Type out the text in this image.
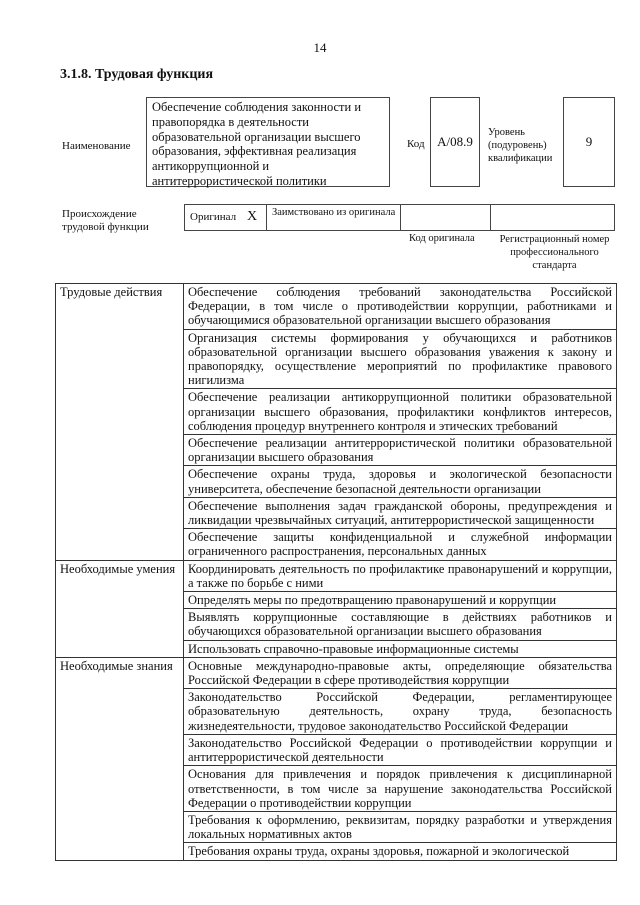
14
3.1.8. Трудовая функция
Наименование
Обеспечение соблюдения законности и правопорядка в деятельности образовательной организации высшего образования, эффективная реализация антикоррупционной и антитеррористической политики
Код A/08.9
Уровень (подуровень) квалификации
9
Происхождение трудовой функции
Оригинал X	Заимствовано из оригинала
Код оригинала	Регистрационный номер профессионального стандарта
Трудовые действия	Обеспечение соблюдения требований законодательства Российской Федерации, в том числе о противодействии коррупции, работниками и обучающимися образовательной организации высшего образования
	Организация системы формирования у обучающихся и работников образовательной организации высшего образования уважения к закону и правопорядку, осуществление мероприятий по профилактике правового нигилизма
	Обеспечение реализации антикоррупционной политики образовательной организации высшего образования, профилактики конфликтов интересов, соблюдения процедур внутреннего контроля и этических требований
	Обеспечение реализации антитеррористической политики образовательной организации высшего образования
	Обеспечение охраны труда, здоровья и экологической безопасности университета, обеспечение безопасной деятельности организации
	Обеспечение выполнения задач гражданской обороны, предупреждения и ликвидации чрезвычайных ситуаций, антитеррористической защищенности
	Обеспечение защиты конфиденциальной и служебной информации ограниченного распространения, персональных данных
Необходимые умения	Координировать деятельность по профилактике правонарушений и коррупции, а также по борьбе с ними
	Определять меры по предотвращению правонарушений и коррупции
	Выявлять коррупционные составляющие в действиях работников и обучающихся образовательной организации высшего образования
	Использовать справочно-правовые информационные системы
Необходимые знания	Основные международно-правовые акты, определяющие обязательства Российской Федерации в сфере противодействия коррупции
	Законодательство Российской Федерации, регламентирующее образовательную деятельность, охрану труда, безопасность жизнедеятельности, трудовое законодательство Российской Федерации
	Законодательство Российской Федерации о противодействии коррупции и антитеррористической деятельности
	Основания для привлечения и порядок привлечения к дисциплинарной ответственности, в том числе за нарушение законодательства Российской Федерации о противодействии коррупции
	Требования к оформлению, реквизитам, порядку разработки и утверждения локальных нормативных актов
	Требования охраны труда, охраны здоровья, пожарной и экологической
